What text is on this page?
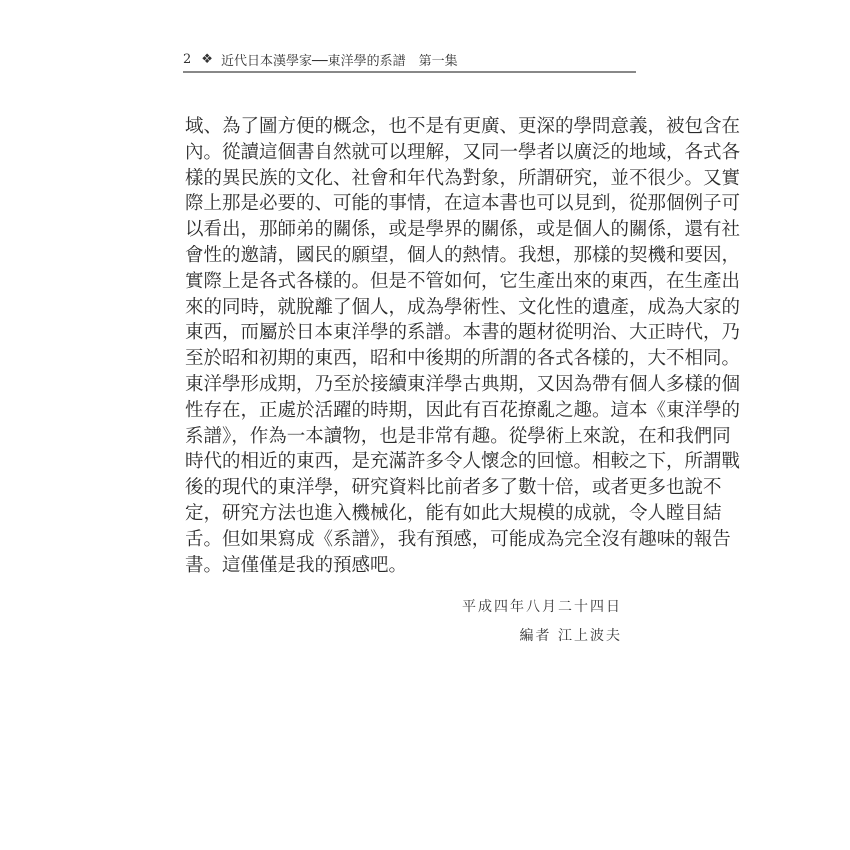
2 ❖ 近代日本漢學家──東洋學的系譜　第一集
域、為了圖方便的概念，也不是有更廣、更深的學問意義，被包含在
內。從讀這個書自然就可以理解，又同一學者以廣泛的地域，各式各
樣的異民族的文化、社會和年代為對象，所謂研究，並不很少。又實
際上那是必要的、可能的事情，在這本書也可以見到，從那個例子可
以看出，那師弟的關係，或是學界的關係，或是個人的關係，還有社
會性的邀請，國民的願望，個人的熱情。我想，那樣的契機和要因，
實際上是各式各樣的。但是不管如何，它生產出來的東西，在生產出
來的同時，就脫離了個人，成為學術性、文化性的遺產，成為大家的
東西，而屬於日本東洋學的系譜。本書的題材從明治、大正時代，乃
至於昭和初期的東西，昭和中後期的所謂的各式各樣的，大不相同。
東洋學形成期，乃至於接續東洋學古典期，又因為帶有個人多樣的個
性存在，正處於活躍的時期，因此有百花撩亂之趣。這本《東洋學的
系譜》，作為一本讀物，也是非常有趣。從學術上來說，在和我們同
時代的相近的東西，是充滿許多令人懷念的回憶。相較之下，所謂戰
後的現代的東洋學，研究資料比前者多了數十倍，或者更多也說不
定，研究方法也進入機械化，能有如此大規模的成就，令人瞠目結
舌。但如果寫成《系譜》，我有預感，可能成為完全沒有趣味的報告
書。這僅僅是我的預感吧。
平成四年八月二十四日
編者 江上波夫
